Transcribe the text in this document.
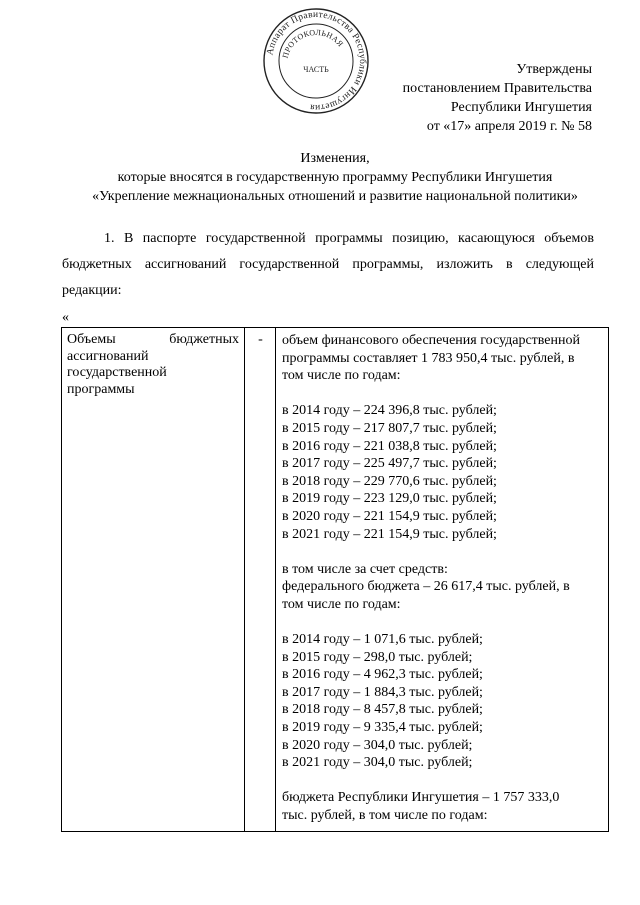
Аппарат Правительства Республики Ингушетия
ПРОТОКОЛЬНАЯ
ЧАСТЬ	Утверждены
постановлением Правительства
Республики Ингушетия
от «17» апреля 2019 г. № 58
Изменения,
которые вносятся в государственную программу Республики Ингушетия
«Укрепление межнациональных отношений и развитие национальной политики»
1. В паспорте государственной программы позицию, касающуюся объемов
бюджетных ассигнований государственной программы, изложить в следующей
редакции:
«
Объемы бюджетных
ассигнований
государственной
программы
-	объем финансового обеспечения государственной
программы составляет 1 783 950,4 тыс. рублей, в
том числе по годам:
в 2014 году – 224 396,8 тыс. рублей;
в 2015 году – 217 807,7 тыс. рублей;
в 2016 году – 221 038,8 тыс. рублей;
в 2017 году – 225 497,7 тыс. рублей;
в 2018 году – 229 770,6 тыс. рублей;
в 2019 году – 223 129,0 тыс. рублей;
в 2020 году – 221 154,9 тыс. рублей;
в 2021 году – 221 154,9 тыс. рублей;
в том числе за счет средств:
федерального бюджета – 26 617,4 тыс. рублей, в
том числе по годам:
в 2014 году – 1 071,6 тыс. рублей;
в 2015 году – 298,0 тыс. рублей;
в 2016 году – 4 962,3 тыс. рублей;
в 2017 году – 1 884,3 тыс. рублей;
в 2018 году – 8 457,8 тыс. рублей;
в 2019 году – 9 335,4 тыс. рублей;
в 2020 году – 304,0 тыс. рублей;
в 2021 году – 304,0 тыс. рублей;
бюджета Республики Ингушетия – 1 757 333,0
тыс. рублей, в том числе по годам:
